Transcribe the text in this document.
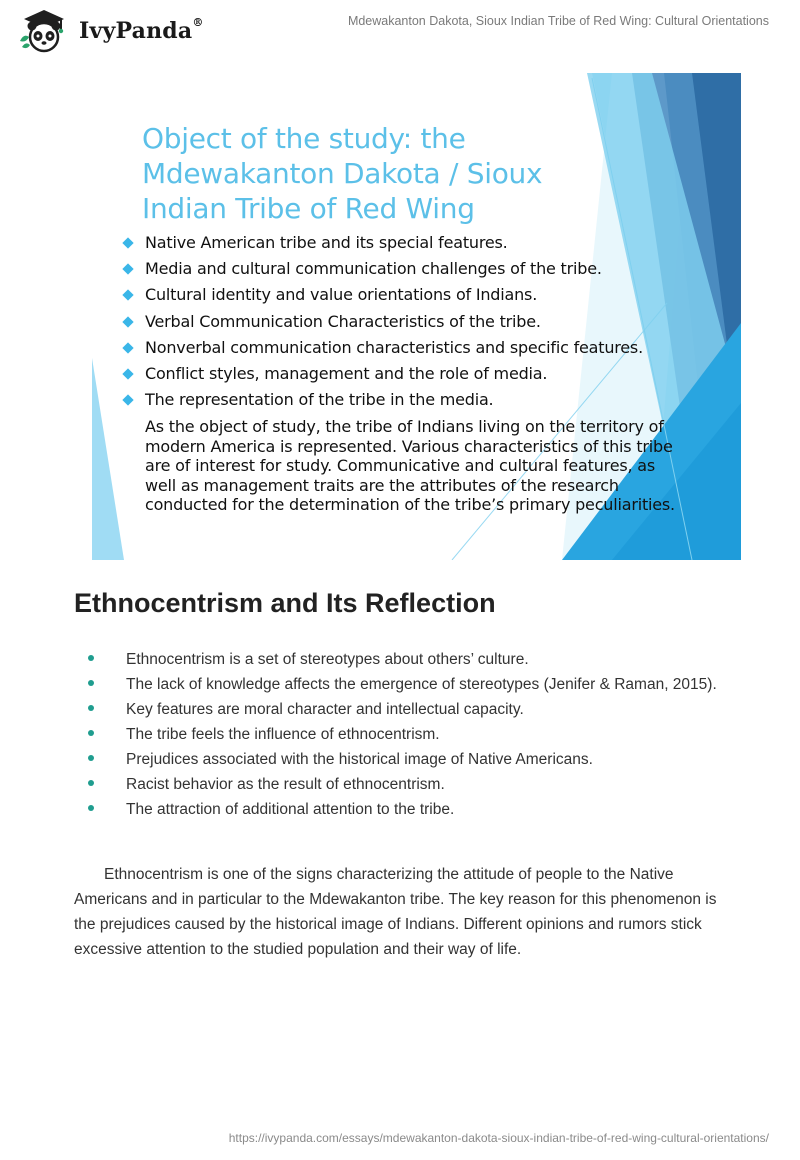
IvyPanda®	Mdewakanton Dakota, Sioux Indian Tribe of Red Wing: Cultural Orientations
Object of the study: the
Mdewakanton Dakota / Sioux
Indian Tribe of Red Wing
Native American tribe and its special features.
Media and cultural communication challenges of the tribe.
Cultural identity and value orientations of Indians.
Verbal Communication Characteristics of the tribe.
Nonverbal communication characteristics and specific features.
Conflict styles, management and the role of media.
The representation of the tribe in the media.
As the object of study, the tribe of Indians living on the territory of modern America is represented. Various characteristics of this tribe are of interest for study. Communicative and cultural features, as well as management traits are the attributes of the research conducted for the determination of the tribe’s primary peculiarities.
Ethnocentrism and Its Reflection
Ethnocentrism is a set of stereotypes about others’ culture.
The lack of knowledge affects the emergence of stereotypes (Jenifer & Raman, 2015).
Key features are moral character and intellectual capacity.
The tribe feels the influence of ethnocentrism.
Prejudices associated with the historical image of Native Americans.
Racist behavior as the result of ethnocentrism.
The attraction of additional attention to the tribe.

Ethnocentrism is one of the signs characterizing the attitude of people to the Native Americans and in particular to the Mdewakanton tribe. The key reason for this phenomenon is the prejudices caused by the historical image of Indians. Different opinions and rumors stick excessive attention to the studied population and their way of life.

https://ivypanda.com/essays/mdewakanton-dakota-sioux-indian-tribe-of-red-wing-cultural-orientations/
